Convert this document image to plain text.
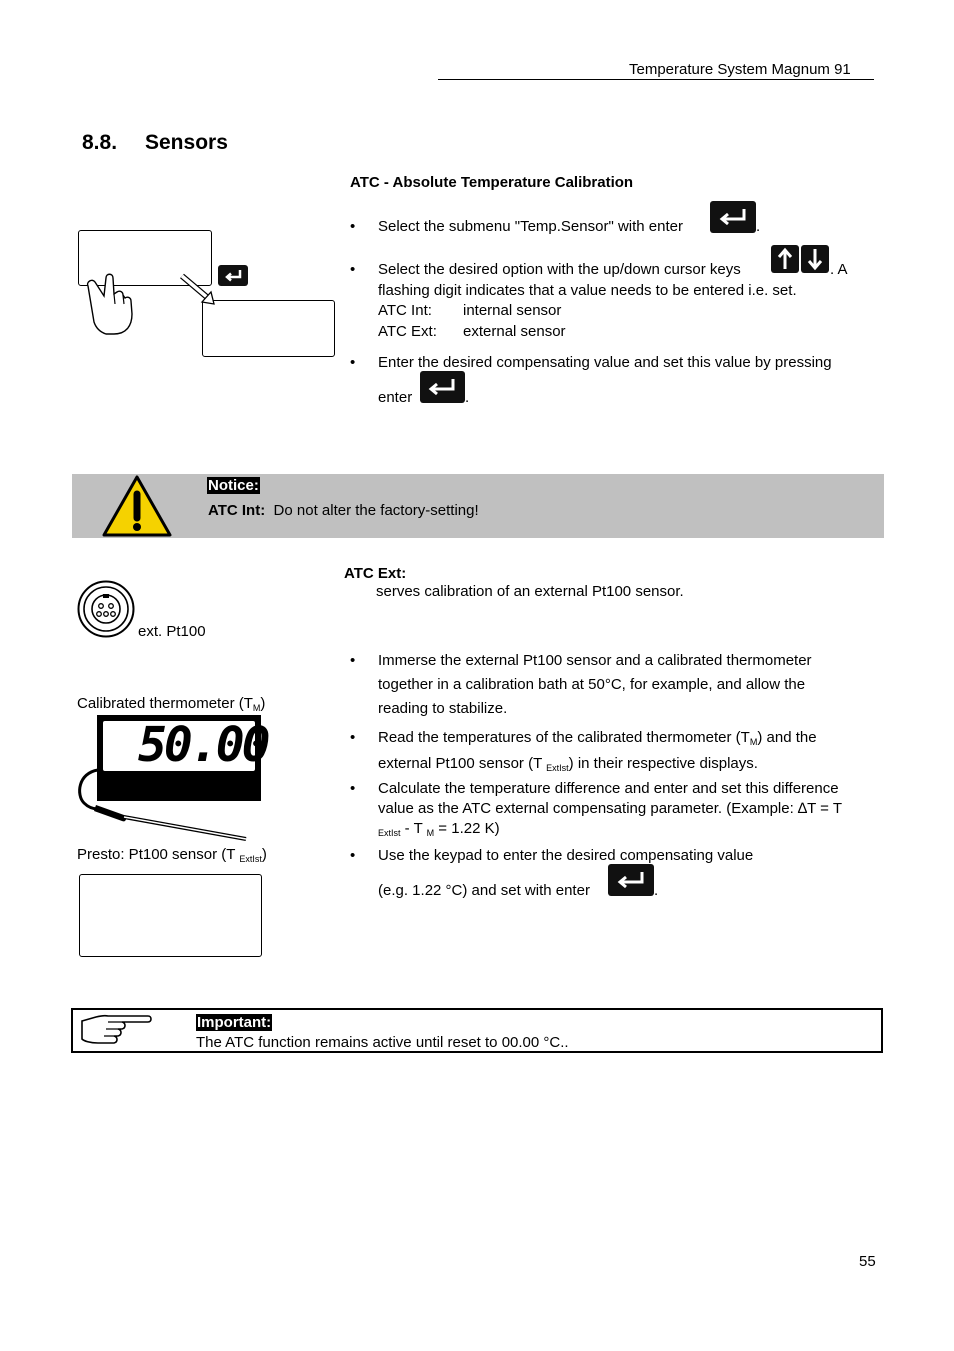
Temperature System Magnum 91
8.8. Sensors
ATC - Absolute Temperature Calibration
• Select the submenu "Temp.Sensor" with enter	.
• Select the desired option with the up/down cursor keys	. A
flashing digit indicates that a value needs to be entered i.e. set.
ATC Int: internal sensor
ATC Ext: external sensor
• Enter the desired compensating value and set this value by pressing
enter	.
Notice:
ATC Int: Do not alter the factory-setting!
ATC Ext:
serves calibration of an external Pt100 sensor.
ext. Pt100
Calibrated thermometer $(T_M)$
50.00
Presto: Pt100 sensor (T $_{ExtIst}$)
• Immerse the external Pt100 sensor and a calibrated thermometer
together in a calibration bath at 50°C, for example, and allow the
reading to stabilize.
• Read the temperatures of the calibrated thermometer $(T_M)$ and the
external Pt100 sensor (T $_{ExtIst}$) in their respective displays.
• Calculate the temperature difference and enter and set this difference
value as the ATC external compensating parameter. (Example: ∆T = T
$_{ExtIst}$ - T $_M$ = 1.22 K)
• Use the keypad to enter the desired compensating value
(e.g. 1.22 °C) and set with enter	.
Important:
The ATC function remains active until reset to 00.00 °C..
55
